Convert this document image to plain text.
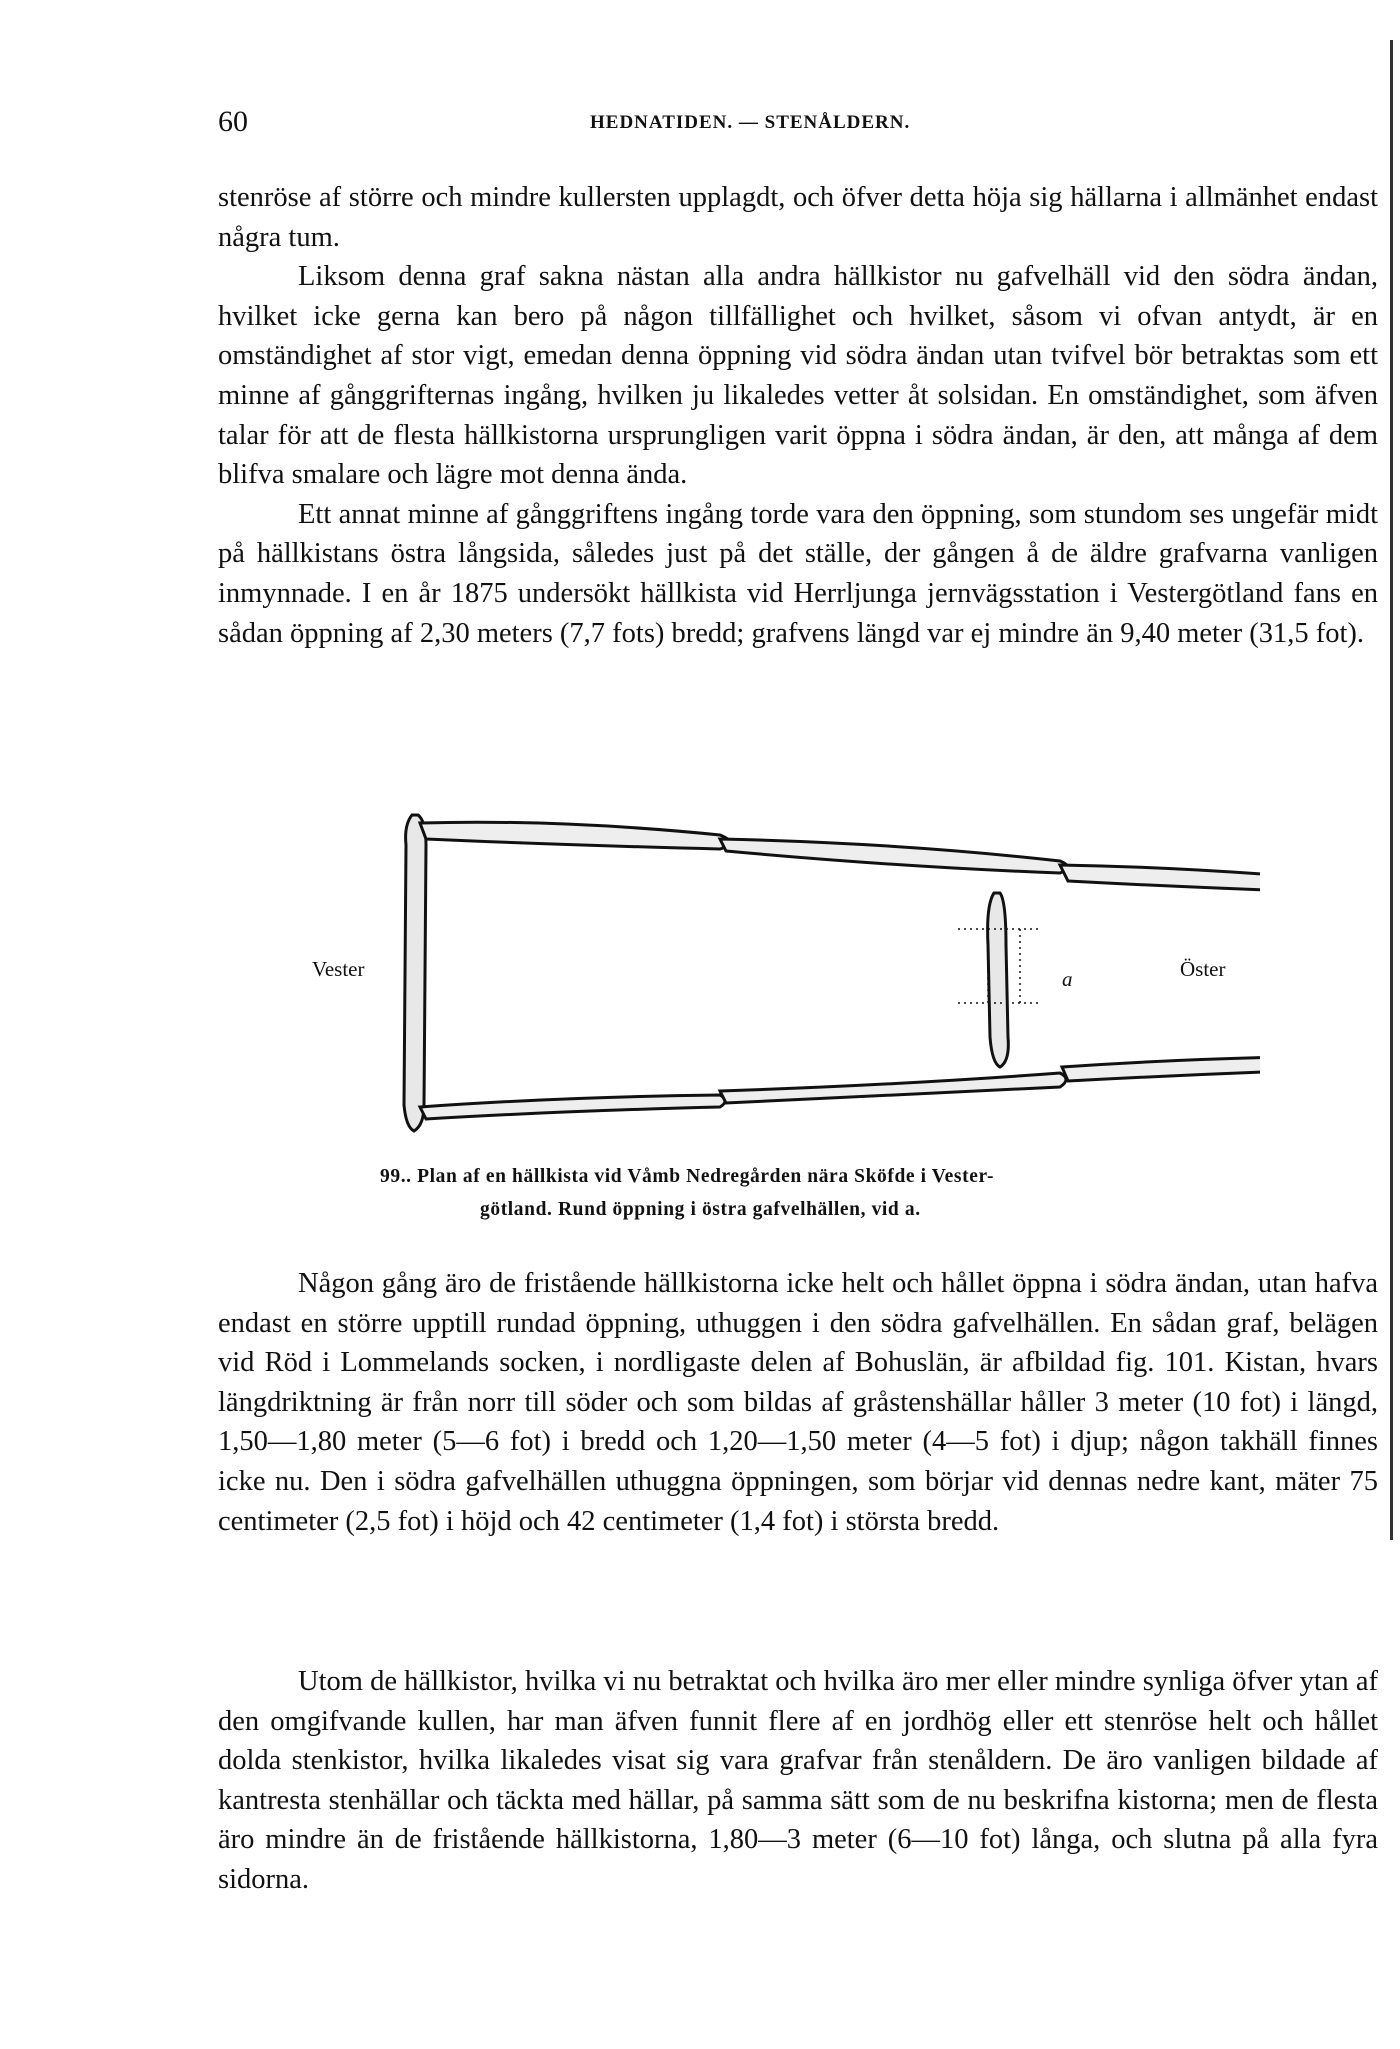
60	HEDNATIDEN. — STENÅLDERN.

stenröse af större och mindre kullersten upplagdt, och öfver detta höja sig hällarna i allmänhet endast några tum.

Liksom denna graf sakna nästan alla andra hällkistor nu gafvelhäll vid den södra ändan, hvilket icke gerna kan bero på någon tillfällighet och hvilket, såsom vi ofvan antydt, är en omständighet af stor vigt, emedan denna öppning vid södra ändan utan tvifvel bör betraktas som ett minne af gånggrifternas ingång, hvilken ju likaledes vetter åt solsidan. En omständighet, som äfven talar för att de flesta hällkistorna ursprungligen varit öppna i södra ändan, är den, att många af dem blifva smalare och lägre mot denna ända.

Ett annat minne af gånggriftens ingång torde vara den öppning, som stundom ses ungefär midt på hällkistans östra långsida, således just på det ställe, der gången å de äldre grafvarna vanligen inmynnade. I en år 1875 undersökt hällkista vid Herrljunga jernvägsstation i Vestergötland fans en sådan öppning af 2,30 meters (7,7 fots) bredd; grafvens längd var ej mindre än 9,40 meter (31,5 fot).

Vester	a	Öster
99.. Plan af en hällkista vid Våmb Nedregården nära Sköfde i Vester-
götland. Rund öppning i östra gafvelhällen, vid a.

Någon gång äro de fristående hällkistorna icke helt och hållet öppna i södra ändan, utan hafva endast en större upptill rundad öppning, uthuggen i den södra gafvelhällen. En sådan graf, belägen vid Röd i Lommelands socken, i nordligaste delen af Bohuslän, är afbildad fig. 101. Kistan, hvars längdriktning är från norr till söder och som bildas af gråstenshällar håller 3 meter (10 fot) i längd, 1,50—1,80 meter (5—6 fot) i bredd och 1,20—1,50 meter (4—5 fot) i djup; någon takhäll finnes icke nu. Den i södra gafvelhällen uthuggna öppningen, som börjar vid dennas nedre kant, mäter 75 centimeter (2,5 fot) i höjd och 42 centimeter (1,4 fot) i största bredd.

Utom de hällkistor, hvilka vi nu betraktat och hvilka äro mer eller mindre synliga öfver ytan af den omgifvande kullen, har man äfven funnit flere af en jordhög eller ett stenröse helt och hållet dolda stenkistor, hvilka likaledes visat sig vara grafvar från stenåldern. De äro vanligen bildade af kantresta stenhällar och täckta med hällar, på samma sätt som de nu beskrifna kistorna; men de flesta äro mindre än de fristående hällkistorna, 1,80—3 meter (6—10 fot) långa, och slutna på alla fyra sidorna.
